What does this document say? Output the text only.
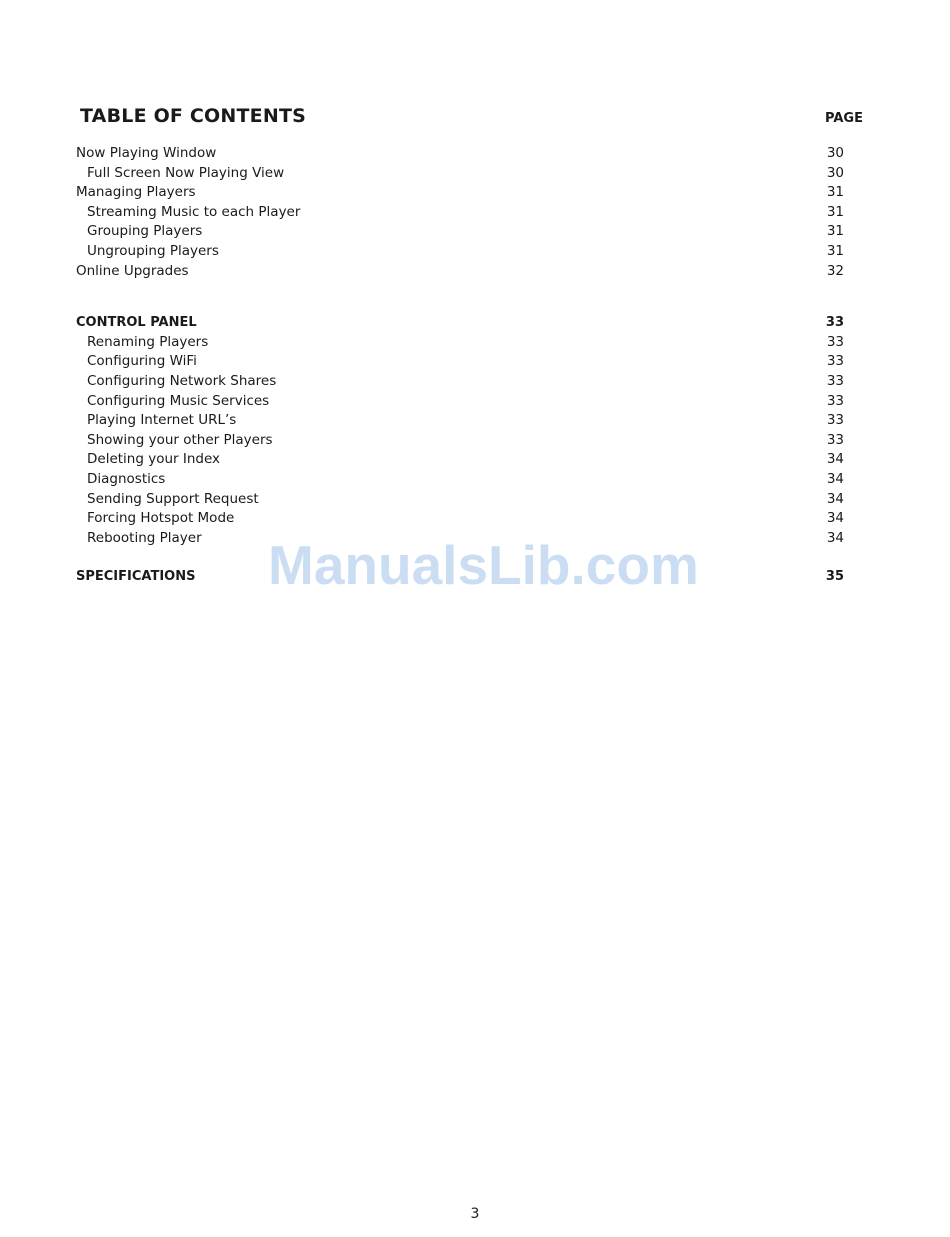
TABLE OF CONTENTS	PAGE
Now Playing Window	30
Full Screen Now Playing View	30
Managing Players	31
Streaming Music to each Player	31
Grouping Players	31
Ungrouping Players	31
Online Upgrades	32
CONTROL PANEL	33
Renaming Players	33
Configuring WiFi	33
Configuring Network Shares	33
Configuring Music Services	33
Playing Internet URL’s	33
Showing your other Players	33
Deleting your Index	34
Diagnostics	34
Sending Support Request	34
Forcing Hotspot Mode	34
Rebooting Player	34
SPECIFICATIONS	35
ManualsLib.com
3
